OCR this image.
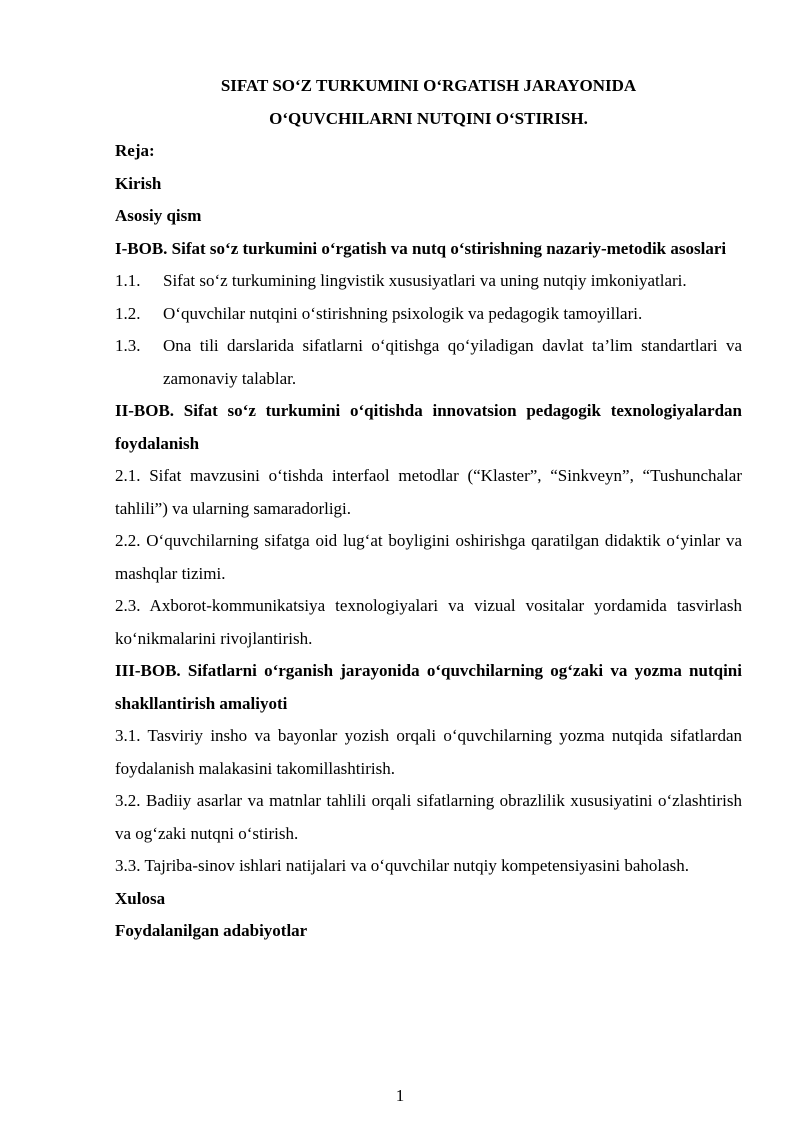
SIFAT SO‘Z TURKUMINI O‘RGATISH JARAYONIDA
O‘QUVCHILARNI NUTQINI O‘STIRISH.

Reja:

Kirish

Asosiy qism

I-BOB. Sifat so‘z turkumini o‘rgatish va nutq o‘stirishning nazariy-metodik asoslari

1.1. Sifat so‘z turkumining lingvistik xususiyatlari va uning nutqiy imkoniyatlari.
1.2. O‘quvchilar nutqini o‘stirishning psixologik va pedagogik tamoyillari.
1.3. Ona tili darslarida sifatlarni o‘qitishga qo‘yiladigan davlat ta’lim standartlari va zamonaviy talablar.

II-BOB. Sifat so‘z turkumini o‘qitishda innovatsion pedagogik texnologiyalardan foydalanish

2.1. Sifat mavzusini o‘tishda interfaol metodlar (“Klaster”, “Sinkveyn”, “Tushunchalar tahlili”) va ularning samaradorligi.

2.2. O‘quvchilarning sifatga oid lug‘at boyligini oshirishga qaratilgan didaktik o‘yinlar va mashqlar tizimi.

2.3. Axborot-kommunikatsiya texnologiyalari va vizual vositalar yordamida tasvirlash ko‘nikmalarini rivojlantirish.

III-BOB. Sifatlarni o‘rganish jarayonida o‘quvchilarning og‘zaki va yozma nutqini shakllantirish amaliyoti

3.1. Tasviriy insho va bayonlar yozish orqali o‘quvchilarning yozma nutqida sifatlardan foydalanish malakasini takomillashtirish.

3.2. Badiiy asarlar va matnlar tahlili orqali sifatlarning obrazlilik xususiyatini o‘zlashtirish va og‘zaki nutqni o‘stirish.

3.3. Tajriba-sinov ishlari natijalari va o‘quvchilar nutqiy kompetensiyasini baholash.

Xulosa

Foydalanilgan adabiyotlar

1
